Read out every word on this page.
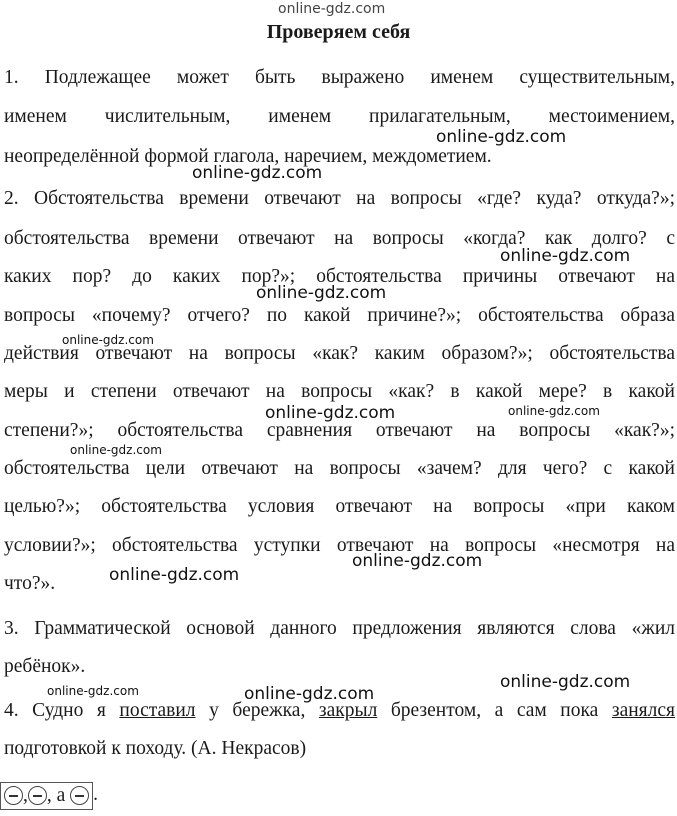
online-gdz.com
Проверяем себя
1. Подлежащее может быть выражено именем существительным,
именем числительным, именем прилагательным, местоимением,
неопределённой формой глагола, наречием, междометием.
2. Обстоятельства времени отвечают на вопросы «где? куда? откуда?»;
обстоятельства времени отвечают на вопросы «когда? как долго? с
каких пор? до каких пор?»; обстоятельства причины отвечают на
вопросы «почему? отчего? по какой причине?»; обстоятельства образа
действия отвечают на вопросы «как? каким образом?»; обстоятельства
меры и степени отвечают на вопросы «как? в какой мере? в какой
степени?»; обстоятельства сравнения отвечают на вопросы «как?»;
обстоятельства цели отвечают на вопросы «зачем? для чего? с какой
целью?»; обстоятельства условия отвечают на вопросы «при каком
условии?»; обстоятельства уступки отвечают на вопросы «несмотря на
что?».
3. Грамматической основой данного предложения являются слова «жил
ребёнок».
4. Судно я поставил у бережка, закрыл брезентом, а сам пока занялся
подготовкой к походу. (А. Некрасов)
, , а .
online-gdz.com
online-gdz.com
online-gdz.com
online-gdz.com
online-gdz.com
online-gdz.com	online-gdz.com
online-gdz.com
online-gdz.com
online-gdz.com
online-gdz.com
online-gdz.com	online-gdz.com
